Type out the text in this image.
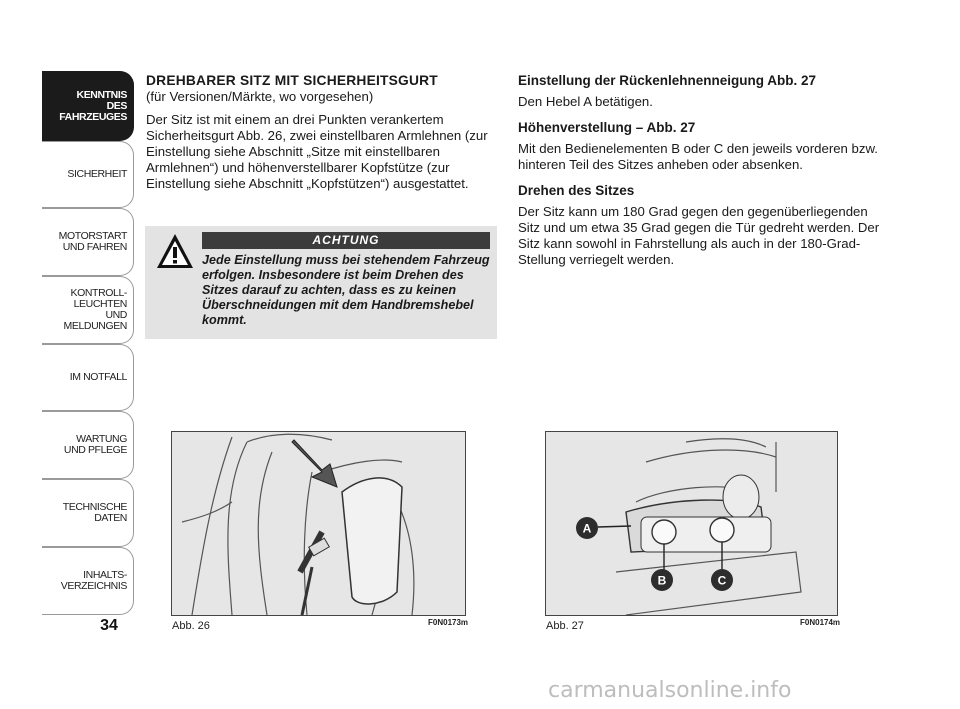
KENNTNIS
DES FAHRZEUGES
SICHERHEIT
MOTORSTART
UND FAHREN
KONTROLL-
LEUCHTEN
UND MELDUNGEN
IM NOTFALL
WARTUNG
UND PFLEGE
TECHNISCHE
DATEN
INHALTS-
VERZEICHNIS
34

DREHBARER SITZ MIT SICHERHEITSGURT

(für Versionen/Märkte, wo vorgesehen)

Der Sitz ist mit einem an drei Punkten verankertem Sicherheitsgurt Abb. 26, zwei einstellbaren Armlehnen (zur Einstellung siehe Abschnitt „Sitze mit einstellbaren Armlehnen“) und höhenverstellbarer Kopfstütze (zur Einstellung siehe Abschnitt „Kopfstützen“) ausgestattet.

ACHTUNG
Jede Einstellung muss bei stehendem Fahrzeug erfolgen. Insbesondere ist beim Drehen des Sitzes darauf zu achten, dass es zu keinen Überschneidungen mit dem Handbremshebel kommt.

Einstellung der Rückenlehnenneigung Abb. 27

Den Hebel A betätigen.

Höhenverstellung – Abb. 27

Mit den Bedienelementen B oder C den jeweils vorderen bzw. hinteren Teil des Sitzes anheben oder absenken.

Drehen des Sitzes

Der Sitz kann um 180 Grad gegen den gegenüberliegenden Sitz und um etwa 35 Grad gegen die Tür gedreht werden. Der Sitz kann sowohl in Fahrstellung als auch in der 180-Grad-Stellung verriegelt werden.

Abb. 26	F0N0173m
A
B	C
Abb. 27	F0N0174m
carmanualsonline.info
